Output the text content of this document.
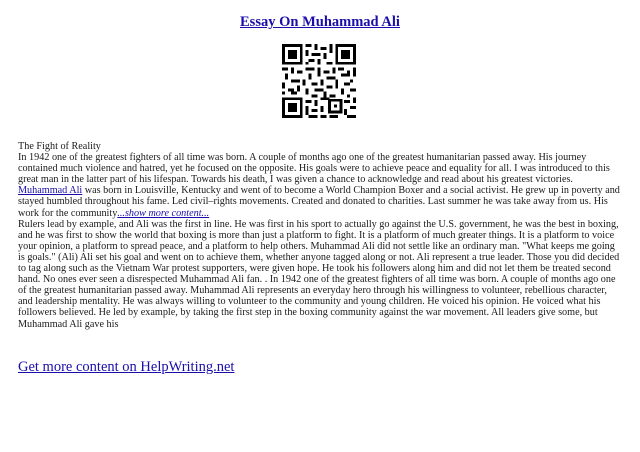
Essay On Muhammad Ali

The Fight of Reality

In 1942 one of the greatest fighters of all time was born. A couple of months ago one of the greatest humanitarian passed away. His journey contained much violence and hatred, yet he focused on the opposite. His goals were to achieve peace and equality for all. I was introduced to this great man in the latter part of his lifespan. Towards his death, I was given a chance to acknowledge and read about his greatest victories.

Muhammad Ali was born in Louisville, Kentucky and went of to become a World Champion Boxer and a social activist. He grew up in poverty and stayed humbled throughout his fame. Led civil–rights movements. Created and donated to charities. Last summer he was take away from us. His work for the community...show more content...

Rulers lead by example, and Ali was the first in line. He was first in his sport to actually go against the U.S. government, he was the best in boxing, and he was first to show the world that boxing is more than just a platform to fight. It is a platform of much greater things. It is a platform to voice your opinion, a platform to spread peace, and a platform to help others. Muhammad Ali did not settle like an ordinary man. "What keeps me going is goals." (Ali) Ali set his goal and went on to achieve them, whether anyone tagged along or not. Ali represent a true leader. Those you did decided to tag along such as the Vietnam War protest supporters, were given hope. He took his followers along him and did not let them be treated second hand. No ones ever seen a disrespected Muhammad Ali fan. . In 1942 one of the greatest fighters of all time was born. A couple of months ago one of the greatest humanitarian passed away. Muhammad Ali represents an everyday hero through his willingness to volunteer, rebellious character, and leadership mentality. He was always willing to volunteer to the community and young children. He voiced his opinion. He voiced what his followers believed. He led by example, by taking the first step in the boxing community against the war movement. All leaders give some, but Muhammad Ali gave his

Get more content on HelpWriting.net
